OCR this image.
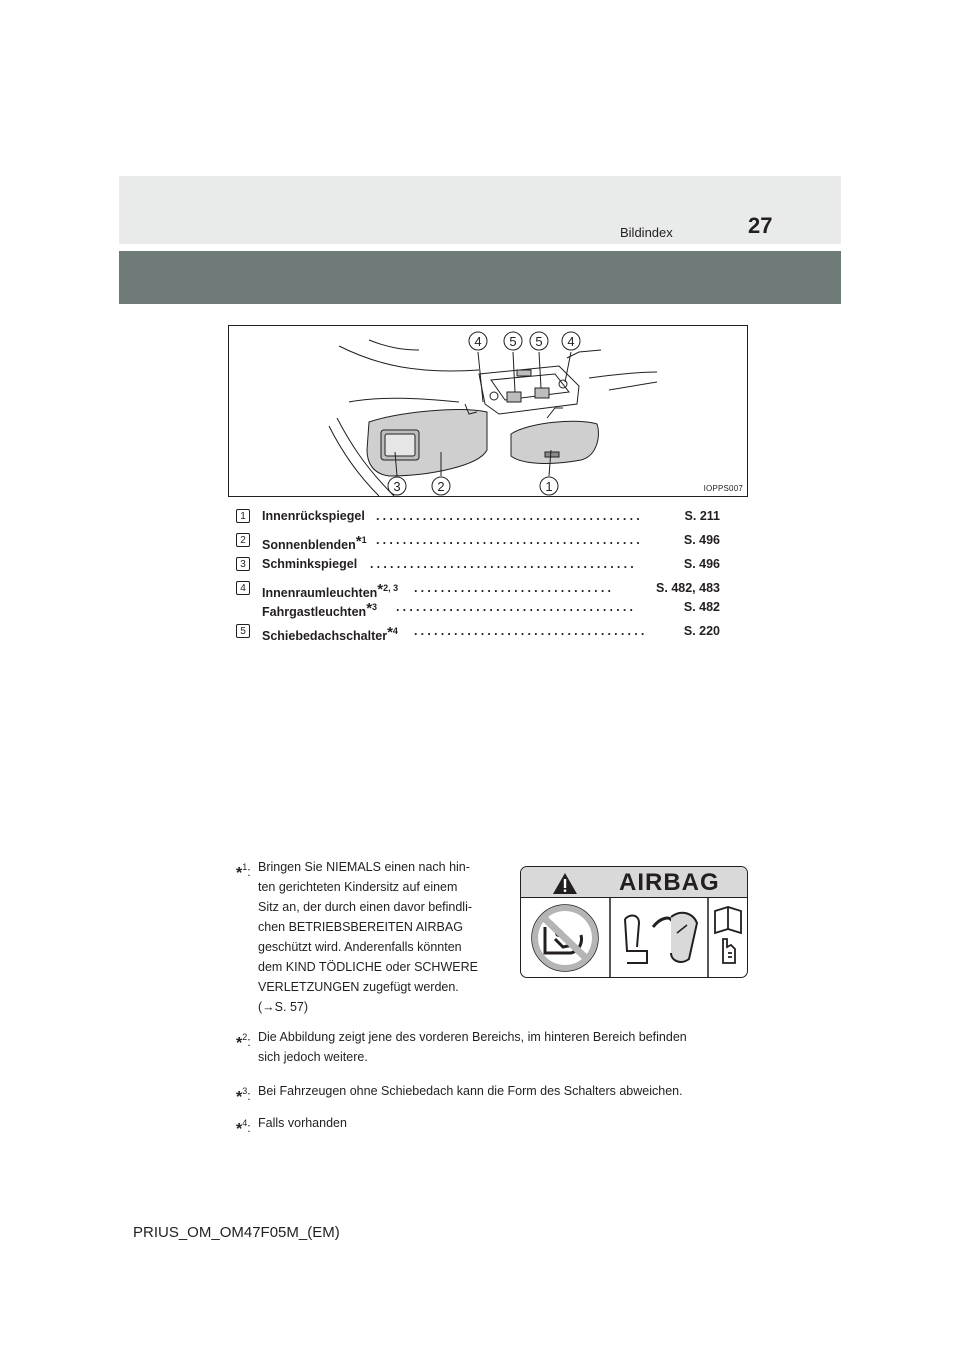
Bildindex	27
4 5 5 4
3	2	1	IOPPS007
1	Innenrückspiegel ........................................	S. 211
2	Sonnenblenden$^{*1}$ ........................................	S. 496
3	Schminkspiegel ........................................	S. 496
4	Innenraumleuchten$^{*2, 3}$ ..............................	S. 482, 483
Fahrgastleuchten$^{*3}$ ....................................	S. 482
5	Schiebedachschalter$^{*4}$ ...................................	S. 220
*$^1$: Bringen Sie NIEMALS einen nach hin-
ten gerichteten Kindersitz auf einem
Sitz an, der durch einen davor befindli-
chen BETRIEBSBEREITEN AIRBAG
geschützt wird. Anderenfalls könnten
dem KIND TÖDLICHE oder SCHWERE
VERLETZUNGEN zugefügt werden.
(→S. 57)
*$^2$: Die Abbildung zeigt jene des vorderen Bereichs, im hinteren Bereich befinden
sich jedoch weitere.
*$^3$: Bei Fahrzeugen ohne Schiebedach kann die Form des Schalters abweichen.
*$^4$: Falls vorhanden
AIRBAG
PRIUS_OM_OM47F05M_(EM)
